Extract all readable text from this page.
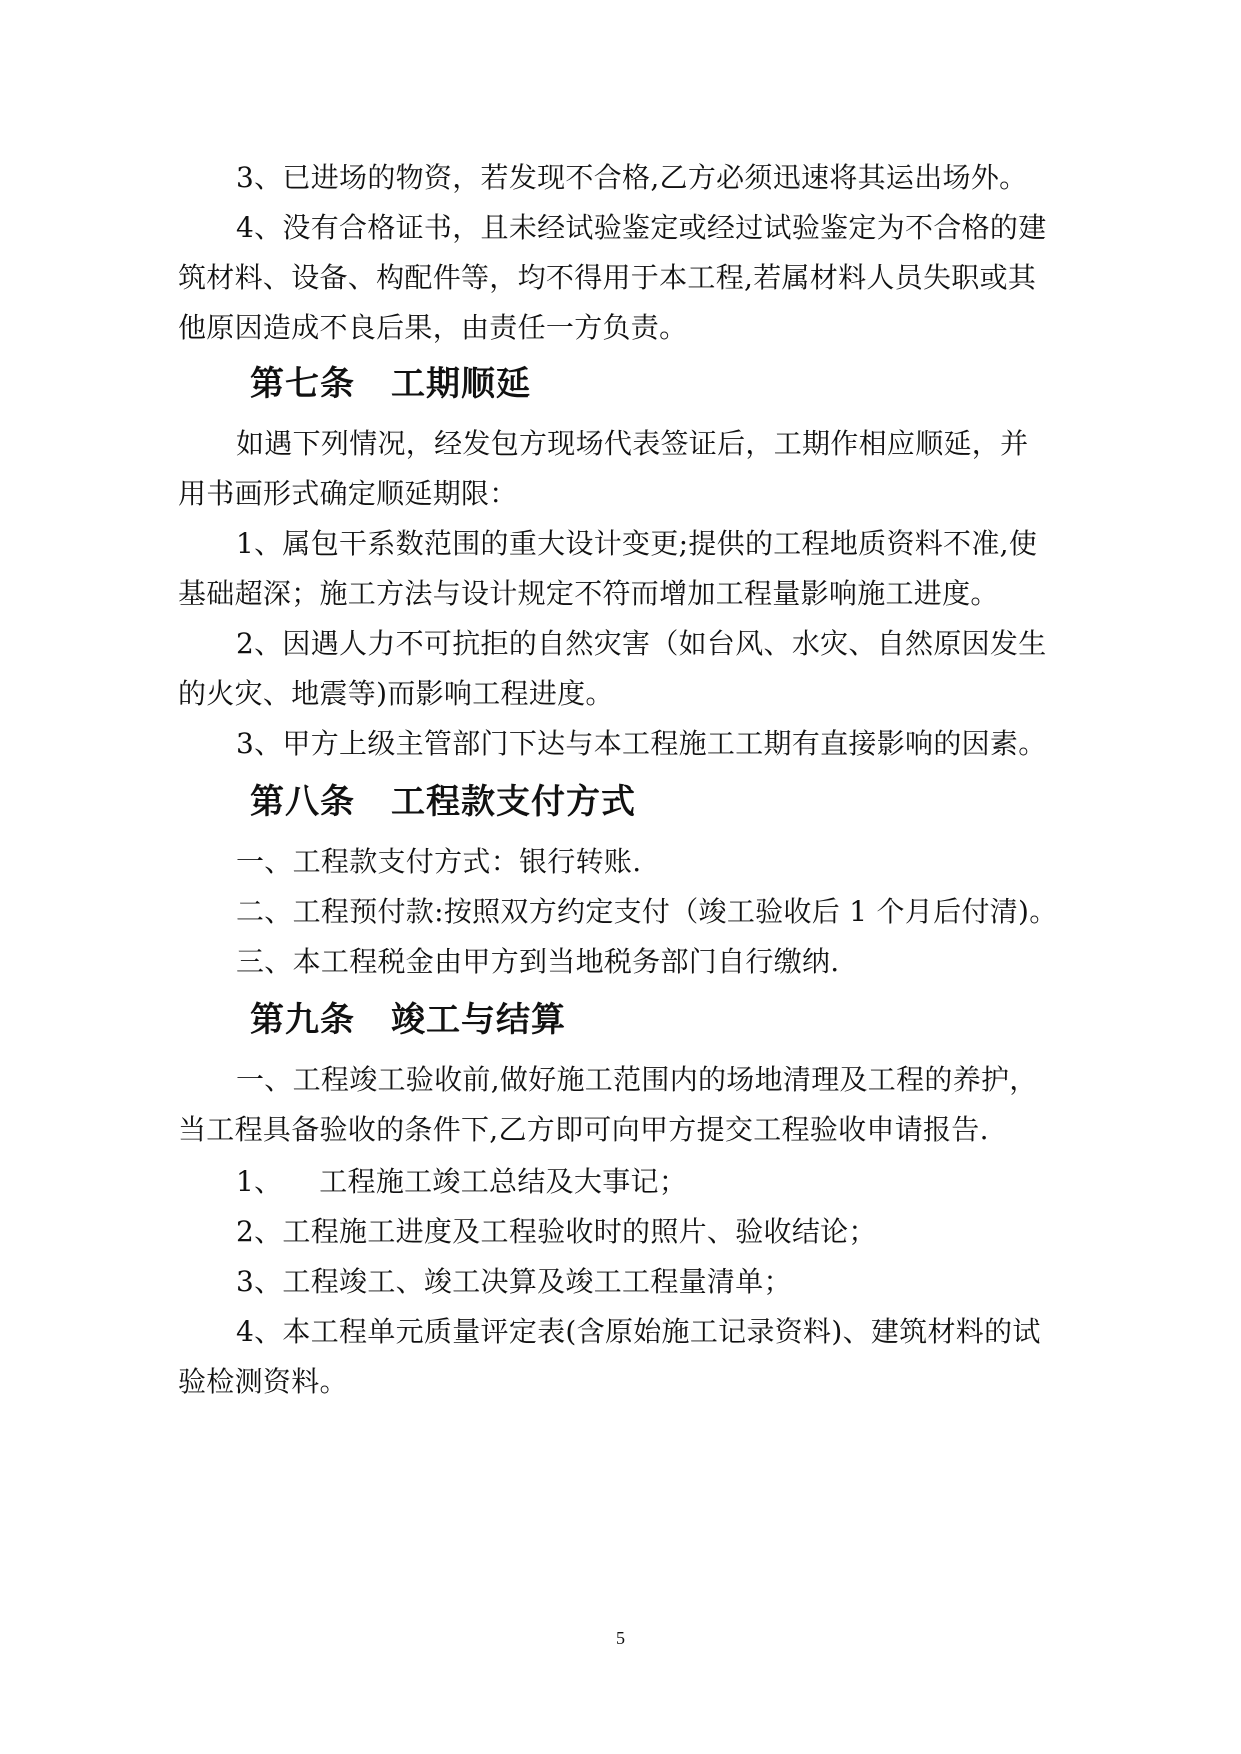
3、已进场的物资，若发现不合格,乙方必须迅速将其运出场外。
4、没有合格证书，且未经试验鉴定或经过试验鉴定为不合格的建
筑材料、设备、构配件等，均不得用于本工程,若属材料人员失职或其
他原因造成不良后果，由责任一方负责。
第七条 工期顺延
如遇下列情况，经发包方现场代表签证后，工期作相应顺延，并
用书画形式确定顺延期限：
1、属包干系数范围的重大设计变更;提供的工程地质资料不准,使
基础超深；施工方法与设计规定不符而增加工程量影响施工进度。
2、因遇人力不可抗拒的自然灾害（如台风、水灾、自然原因发生
的火灾、地震等)而影响工程进度。
3、甲方上级主管部门下达与本工程施工工期有直接影响的因素。
第八条 工程款支付方式
一、工程款支付方式：银行转账.
二、工程预付款:按照双方约定支付（竣工验收后 1 个月后付清)。
三、本工程税金由甲方到当地税务部门自行缴纳.
第九条 竣工与结算
一、工程竣工验收前,做好施工范围内的场地清理及工程的养护，
当工程具备验收的条件下,乙方即可向甲方提交工程验收申请报告.
1、    工程施工竣工总结及大事记；
2、工程施工进度及工程验收时的照片、验收结论；
3、工程竣工、竣工决算及竣工工程量清单；
4、本工程单元质量评定表(含原始施工记录资料)、建筑材料的试
验检测资料。
5
